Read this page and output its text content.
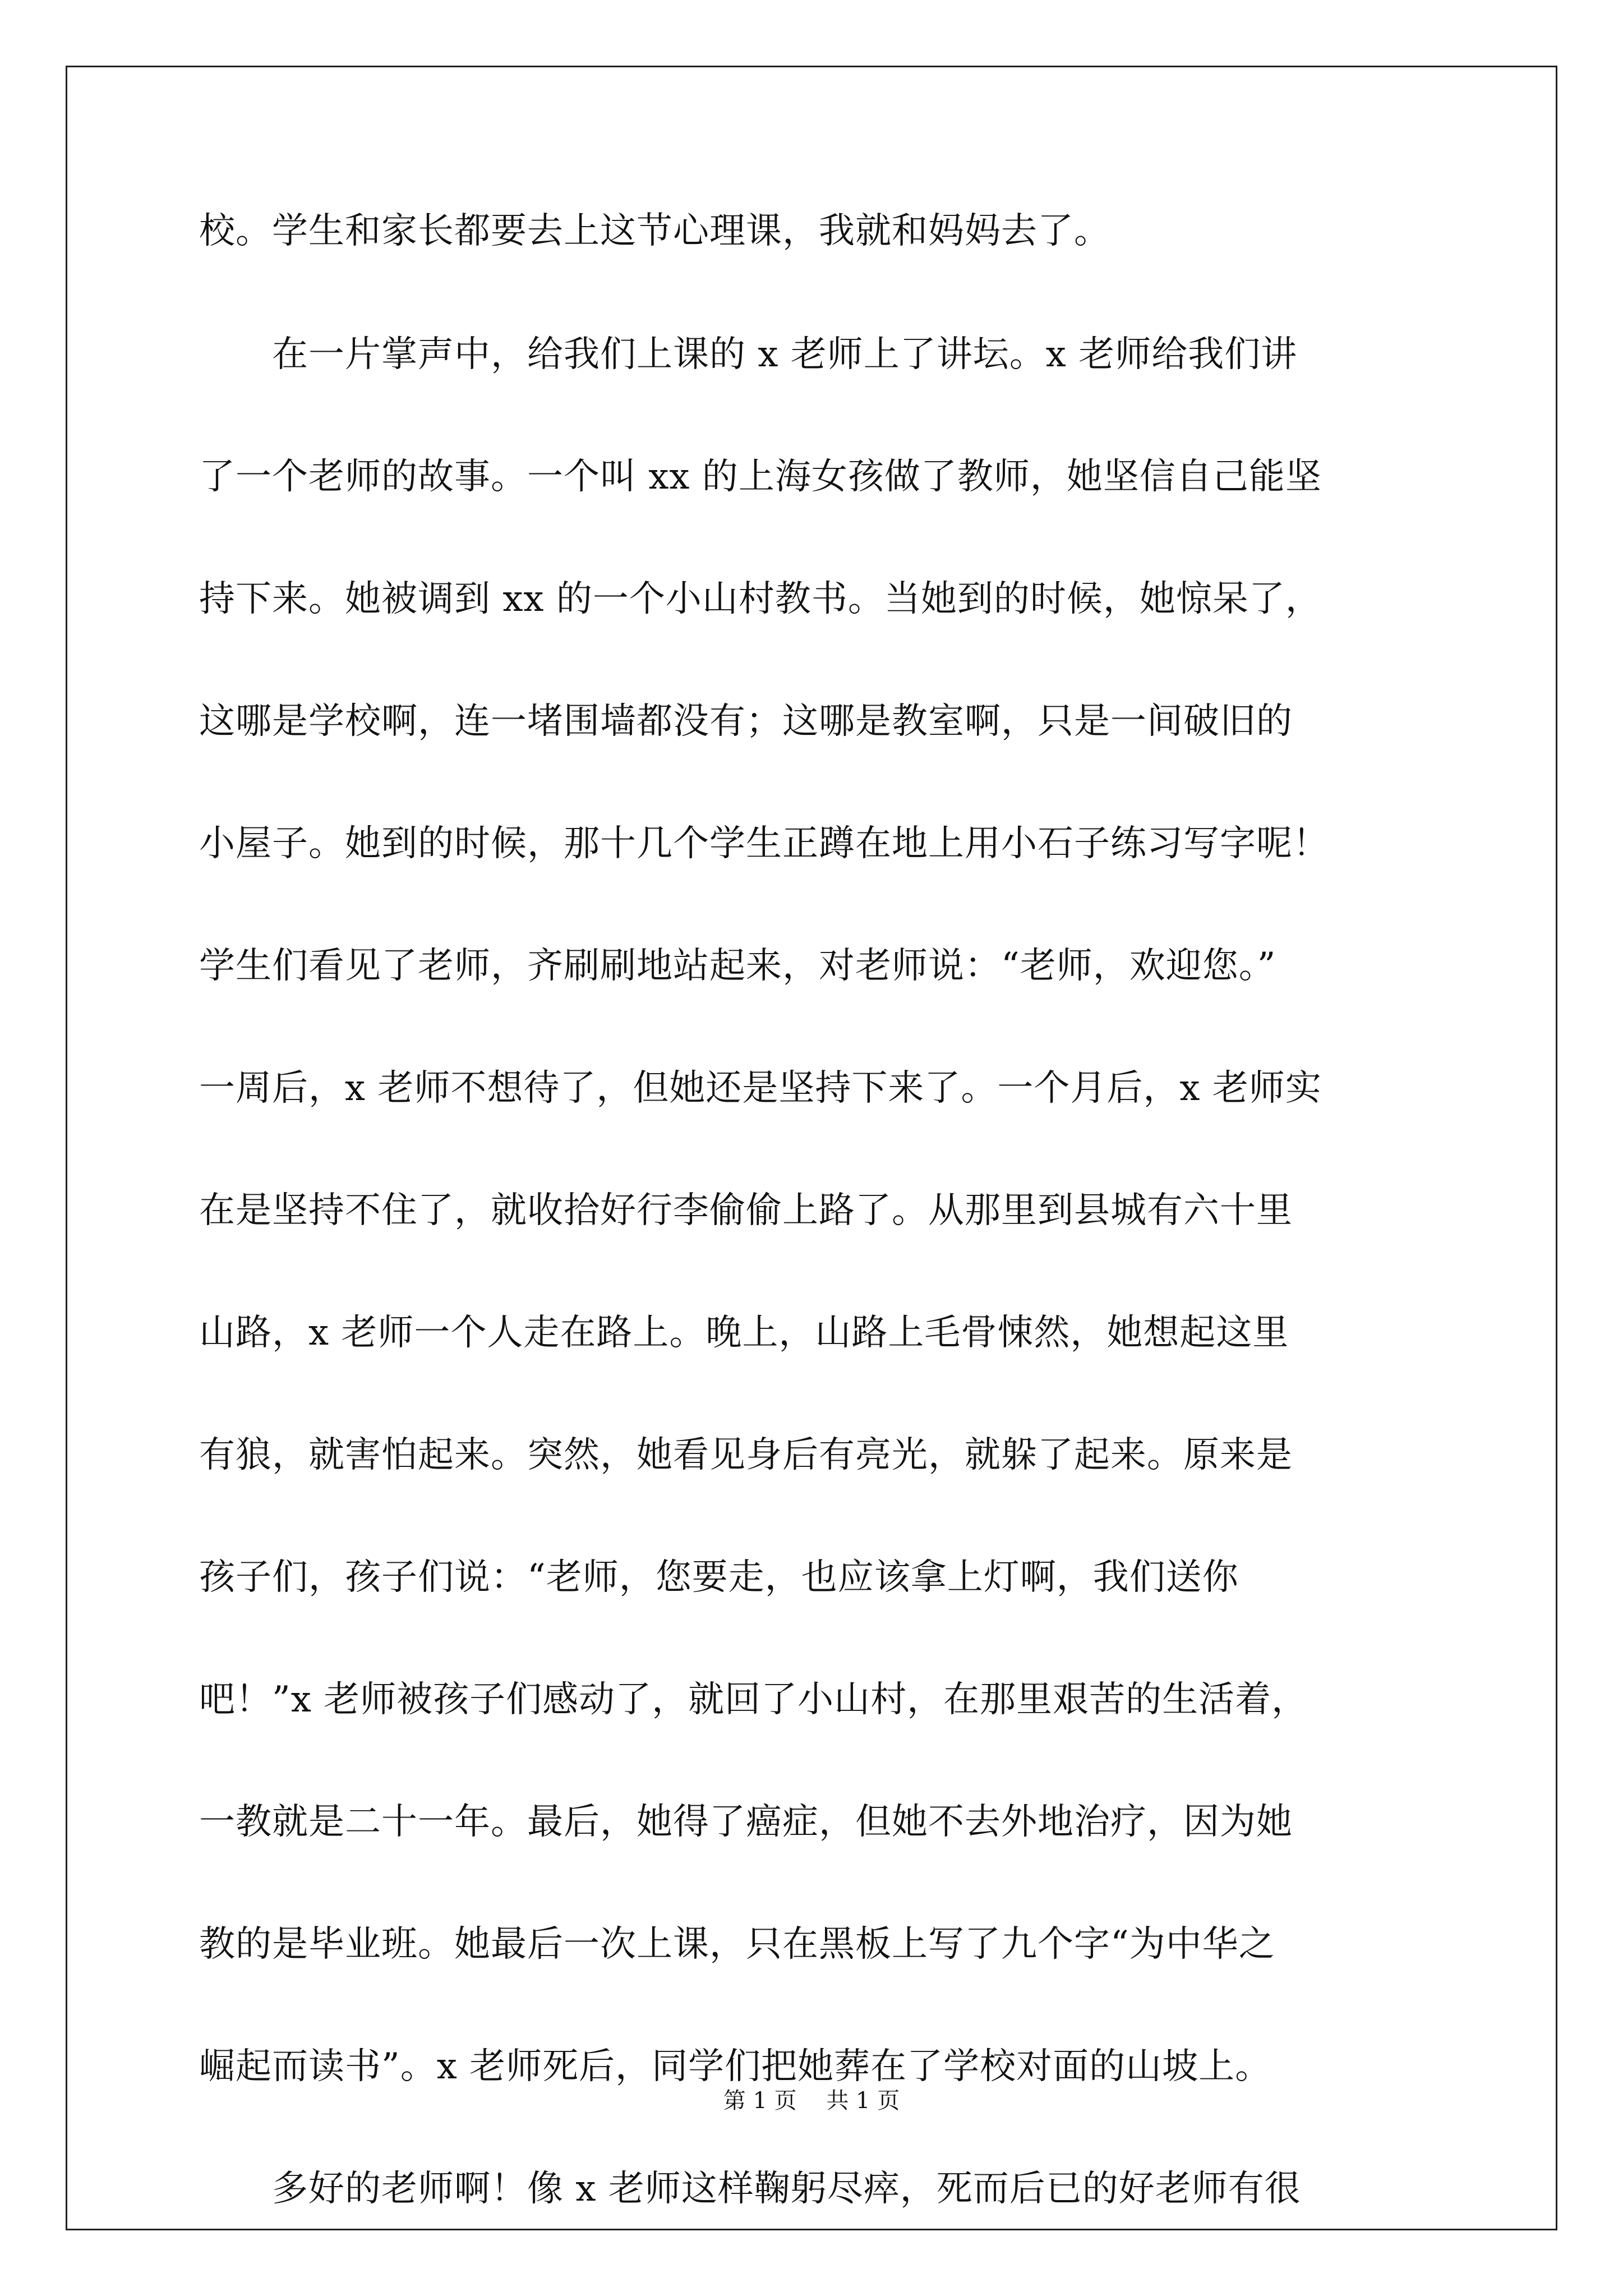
校。学生和家长都要去上这节心理课，我就和妈妈去了。
　　在一片掌声中，给我们上课的 x 老师上了讲坛。x 老师给我们讲
了一个老师的故事。一个叫 xx 的上海女孩做了教师，她坚信自己能坚
持下来。她被调到 xx 的一个小山村教书。当她到的时候，她惊呆了，
这哪是学校啊，连一堵围墙都没有；这哪是教室啊，只是一间破旧的
小屋子。她到的时候，那十几个学生正蹲在地上用小石子练习写字呢！
学生们看见了老师，齐刷刷地站起来，对老师说：“老师，欢迎您。”
一周后，x 老师不想待了，但她还是坚持下来了。一个月后，x 老师实
在是坚持不住了，就收拾好行李偷偷上路了。从那里到县城有六十里
山路，x 老师一个人走在路上。晚上，山路上毛骨悚然，她想起这里
有狼，就害怕起来。突然，她看见身后有亮光，就躲了起来。原来是
孩子们，孩子们说：“老师，您要走，也应该拿上灯啊，我们送你
吧！”x 老师被孩子们感动了，就回了小山村，在那里艰苦的生活着，
一教就是二十一年。最后，她得了癌症，但她不去外地治疗，因为她
教的是毕业班。她最后一次上课，只在黑板上写了九个字“为中华之
崛起而读书”。x 老师死后，同学们把她葬在了学校对面的山坡上。
　　多好的老师啊！像 x 老师这样鞠躬尽瘁，死而后已的好老师有很
第 1 页　 共 1 页
